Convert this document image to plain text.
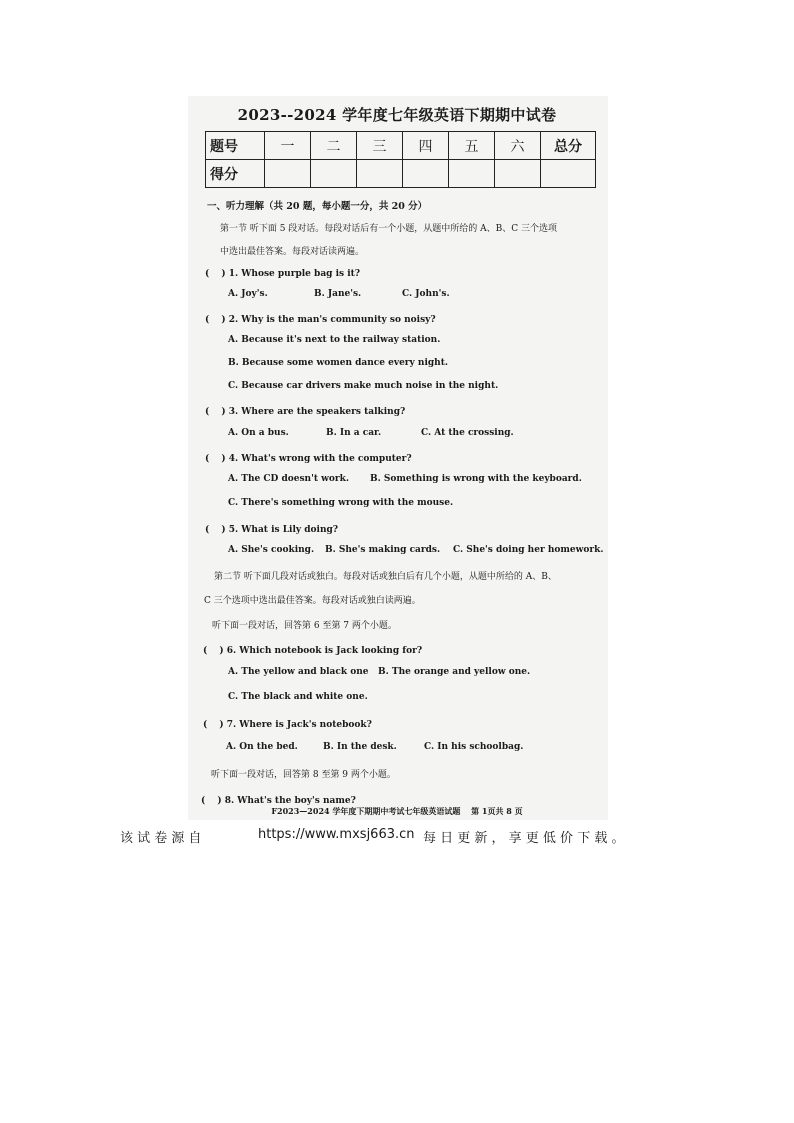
2023--2024 学年度七年级英语下期期中试卷
题号	一	二	三	四	五	六	总分
得分							
一、听力理解（共 20 题，每小题一分，共 20 分）
第一节 听下面 5 段对话。每段对话后有一个小题，从题中所给的 A、B、C 三个选项
中选出最佳答案。每段对话读两遍。
(　 ) 1. Whose purple bag is it?
A. Joy's.	B. Jane's.	C. John's.
(　 ) 2. Why is the man's community so noisy?
A. Because it's next to the railway station.
B. Because some women dance every night.
C. Because car drivers make much noise in the night.
(　 ) 3. Where are the speakers talking?
A. On a bus.	B. In a car.	C. At the crossing.
(　 ) 4. What's wrong with the computer?
A. The CD doesn't work. B. Something is wrong with the keyboard.
C. There's something wrong with the mouse.
(　 ) 5. What is Lily doing?
A. She's cooking. B. She's making cards. C. She's doing her homework.
第二节 听下面几段对话或独白。每段对话或独白后有几个小题，从题中所给的 A、B、
C 三个选项中选出最佳答案。每段对话或独白读两遍。
听下面一段对话，回答第 6 至第 7 两个小题。
(　 ) 6. Which notebook is Jack looking for?
A. The yellow and black one B. The orange and yellow one.
C. The black and white one.
(　 ) 7. Where is Jack's notebook?
A. On the bed.	B. In the desk.	C. In his schoolbag.
听下面一段对话，回答第 8 至第 9 两个小题。
(　 ) 8. What's the boy's name?
F2023—2024 学年度下期期中考试七年级英语试题　 第 1页共 8 页
该 试 卷 源 自	https://www.mxsj663.cn 每 日 更 新 ， 享 更 低 价 下 载 。
